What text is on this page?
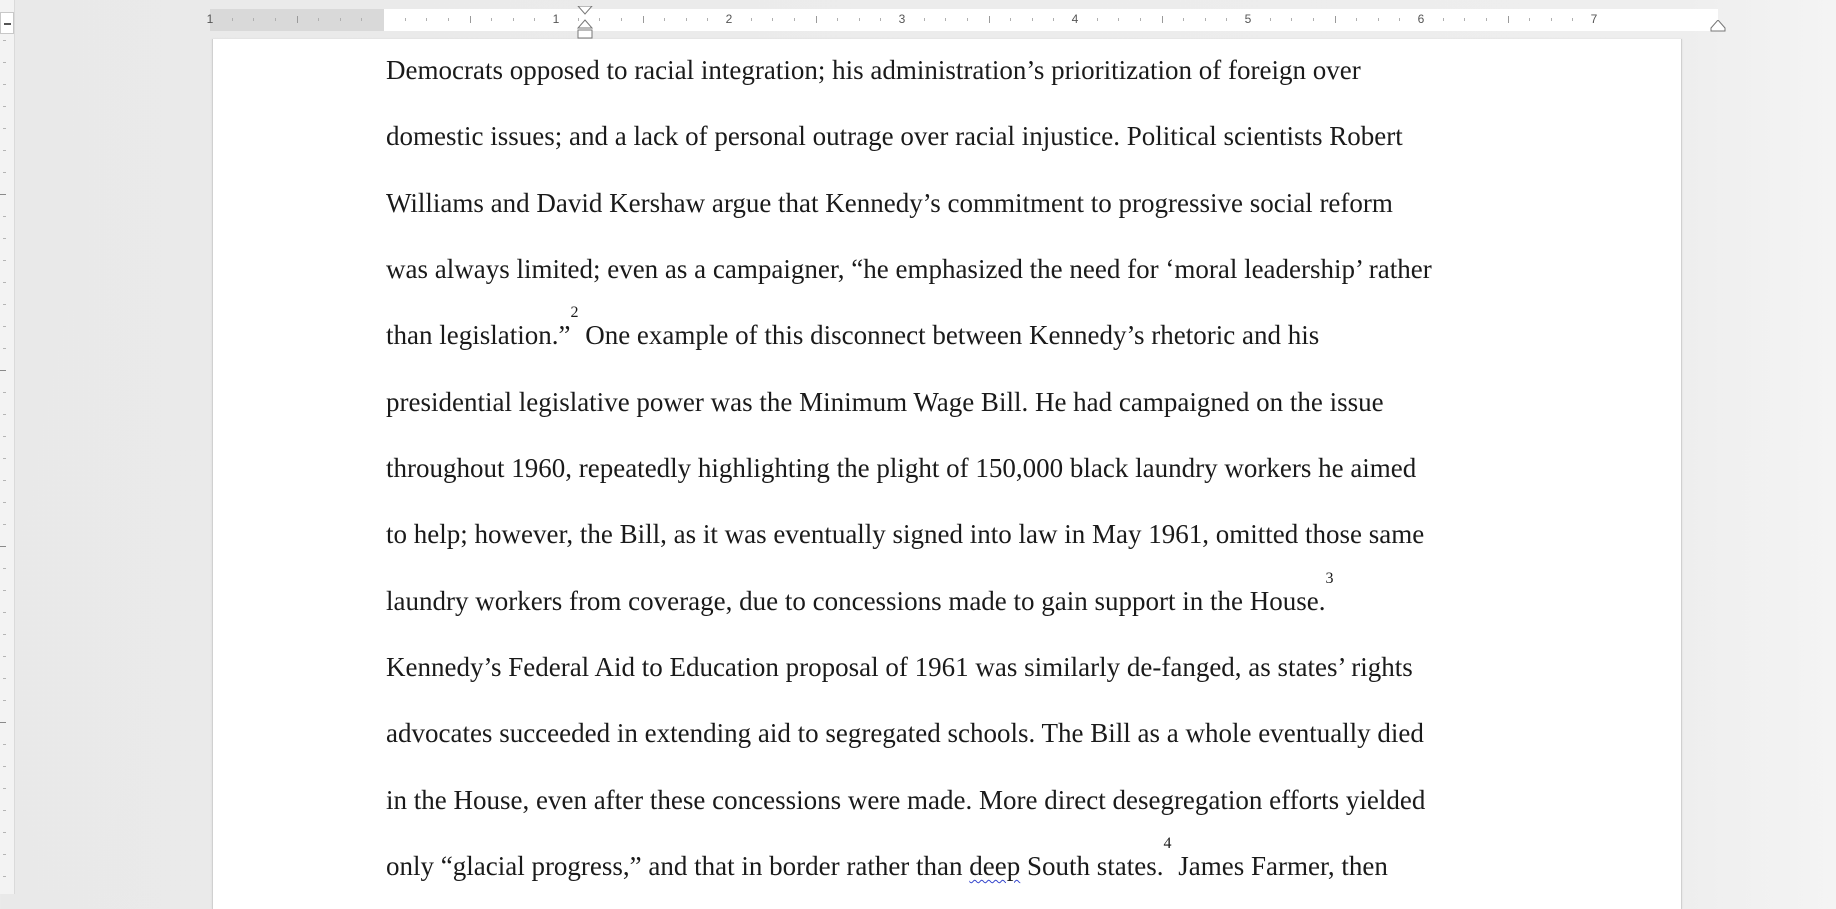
1	1	2	3	4	5	6	7
Democrats opposed to racial integration; his administration’s prioritization of foreign over
domestic issues; and a lack of personal outrage over racial injustice. Political scientists Robert
Williams and David Kershaw argue that Kennedy’s commitment to progressive social reform
was always limited; even as a campaigner, “he emphasized the need for ‘moral leadership’ rather
than legislation.”$^2$ One example of this disconnect between Kennedy’s rhetoric and his
presidential legislative power was the Minimum Wage Bill. He had campaigned on the issue
throughout 1960, repeatedly highlighting the plight of 150,000 black laundry workers he aimed
to help; however, the Bill, as it was eventually signed into law in May 1961, omitted those same
laundry workers from coverage, due to concessions made to gain support in the House.$^3$
Kennedy’s Federal Aid to Education proposal of 1961 was similarly de-fanged, as states’ rights
advocates succeeded in extending aid to segregated schools. The Bill as a whole eventually died
in the House, even after these concessions were made. More direct desegregation efforts yielded
only “glacial progress,” and that in border rather than deep South states.$^4$ James Farmer, then
